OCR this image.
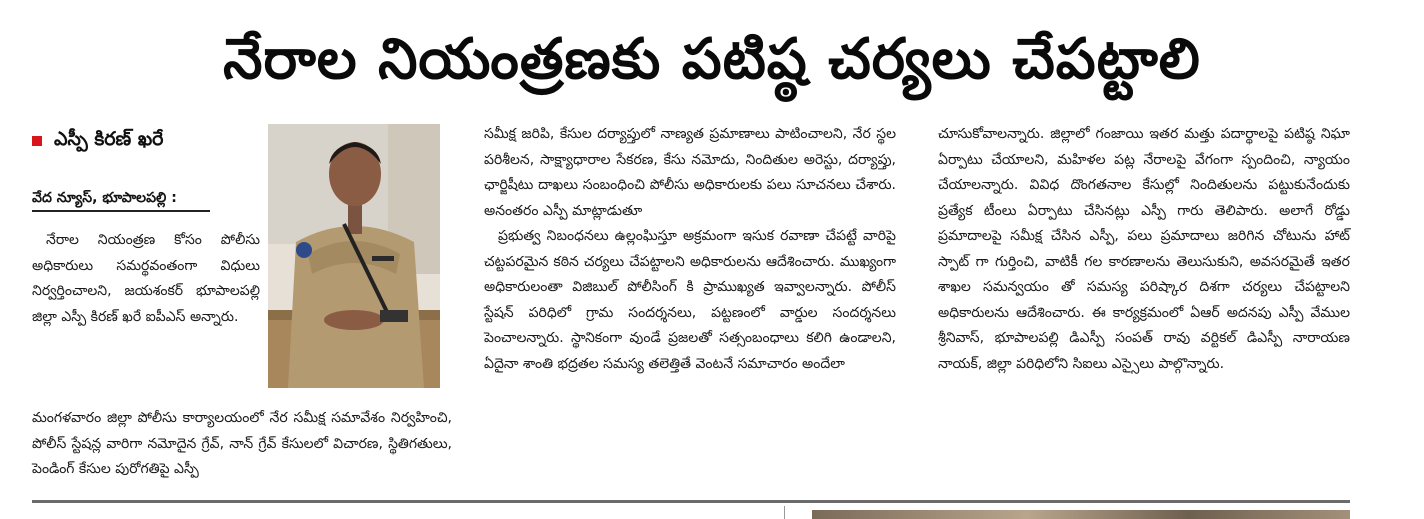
నేరాల నియంత్రణకు పటిష్ఠ చర్యలు చేపట్టాలి
ఎస్పీ కిరణ్ ఖరే
వేద న్యూస్, భూపాలపల్లి :

నేరాల నియంత్రణ కోసం పోలీసు అధికారులు సమర్థవంతంగా విధులు నిర్వర్తించాలని, జయశంకర్ భూపాలపల్లి జిల్లా ఎస్పీ కిరణ్ ఖరే ఐపీఎస్ అన్నారు.

మంగళవారం జిల్లా పోలీసు కార్యాలయంలో నేర సమీక్ష సమావేశం నిర్వహించి, పోలీస్ స్టేషన్ల వారిగా నమోదైన గ్రేవ్, నాన్ గ్రేవ్ కేసులలో విచారణ, స్థితిగతులు, పెండింగ్ కేసుల పురోగతిపై ఎస్పీ

సమీక్ష జరిపి, కేసుల దర్యాప్తులో నాణ్యత ప్రమాణాలు పాటించాలని, నేర స్థల పరిశీలన, సాక్ష్యాధారాల సేకరణ, కేసు నమోదు, నిందితుల అరెస్టు, దర్యాప్తు, ఛార్జిషీటు దాఖలు సంబంధించి పోలీసు అధికారులకు పలు సూచనలు చేశారు. అనంతరం ఎస్పీ మాట్లాడుతూ

ప్రభుత్వ నిబంధనలు ఉల్లంఘిస్తూ అక్రమంగా ఇసుక రవాణా చేపట్టే వారిపై చట్టపరమైన కఠిన చర్యలు చేపట్టాలని అధికారులను ఆదేశించారు. ముఖ్యంగా అధికారులంతా విజిబుల్ పోలీసింగ్ కి ప్రాముఖ్యత ఇవ్వాలన్నారు. పోలీస్ స్టేషన్ పరిధిలో గ్రామ సందర్శనలు, పట్టణంలో వార్డుల సందర్శనలు పెంచాలన్నారు. స్థానికంగా వుండే ప్రజలతో సత్సంబంధాలు కలిగి ఉండాలని, ఏదైనా శాంతి భద్రతల సమస్య తలెత్తితే వెంటనే సమాచారం అందేలా

చూసుకోవాలన్నారు. జిల్లాలో గంజాయి ఇతర మత్తు పదార్థాలపై పటిష్ఠ నిఘా ఏర్పాటు చేయాలని, మహిళల పట్ల నేరాలపై వేగంగా స్పందించి, న్యాయం చేయాలన్నారు. వివిధ దొంగతనాల కేసుల్లో నిందితులను పట్టుకునేందుకు ప్రత్యేక టీంలు ఏర్పాటు చేసినట్లు ఎస్పీ గారు తెలిపారు. అలాగే రోడ్డు ప్రమాదాలపై సమీక్ష చేసిన ఎస్పీ, పలు ప్రమాదాలు జరిగిన చోటును హాట్ స్పాట్ గా గుర్తించి, వాటికీ గల కారణాలను తెలుసుకుని, అవసరమైతే ఇతర శాఖల సమన్వయం తో సమస్య పరిష్కార దిశగా చర్యలు చేపట్టాలని అధికారులను ఆదేశించారు. ఈ కార్యక్రమంలో ఏఆర్ అదనపు ఎస్పీ వేముల శ్రీనివాస్, భూపాలపల్లి డిఎస్పీ సంపత్ రావు వర్టికల్ డిఎస్పీ నారాయణ నాయక్, జిల్లా పరిధిలోని సిఐలు ఎస్సైలు పాల్గొన్నారు.
